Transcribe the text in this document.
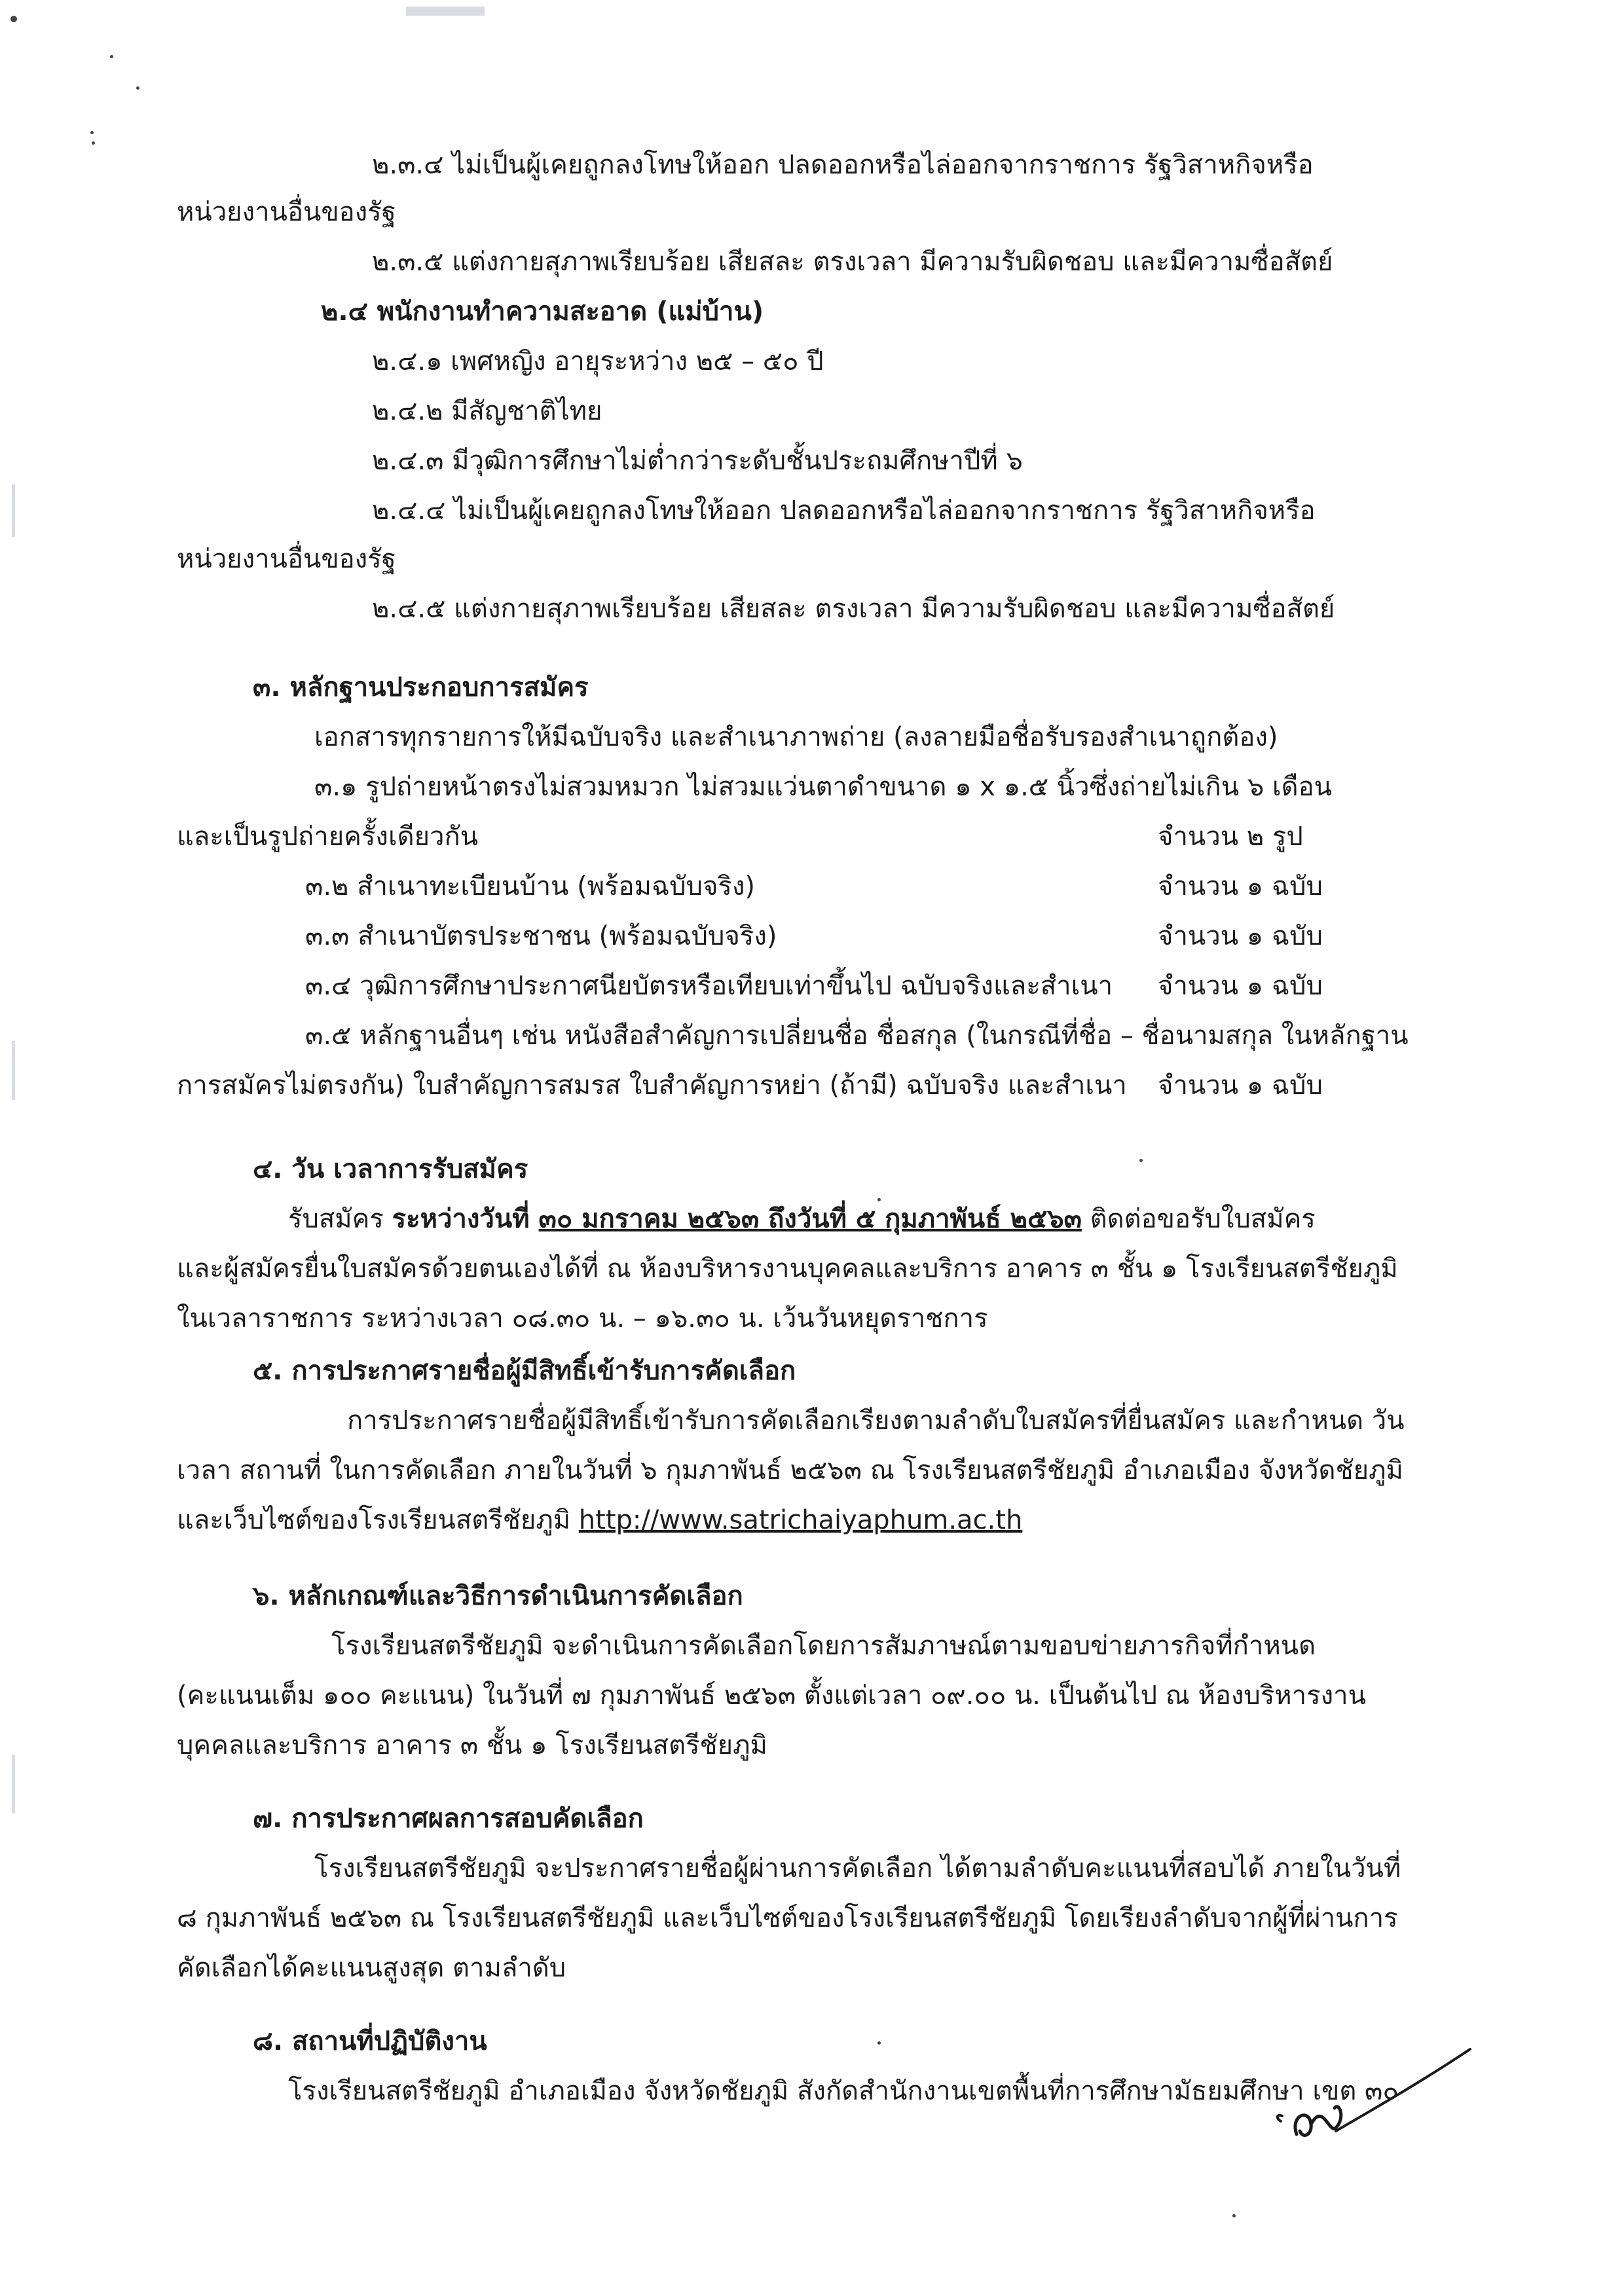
๒.๓.๔ ไม่เป็นผู้เคยถูกลงโทษให้ออก ปลดออกหรือไล่ออกจากราชการ รัฐวิสาหกิจหรือ
หน่วยงานอื่นของรัฐ
๒.๓.๕ แต่งกายสุภาพเรียบร้อย เสียสละ ตรงเวลา มีความรับผิดชอบ และมีความซื่อสัตย์
๒.๔ พนักงานทำความสะอาด (แม่บ้าน)
๒.๔.๑ เพศหญิง อายุระหว่าง ๒๕ – ๕๐ ปี
๒.๔.๒ มีสัญชาติไทย
๒.๔.๓ มีวุฒิการศึกษาไม่ต่ำกว่าระดับชั้นประถมศึกษาปีที่ ๖
๒.๔.๔ ไม่เป็นผู้เคยถูกลงโทษให้ออก ปลดออกหรือไล่ออกจากราชการ รัฐวิสาหกิจหรือ
หน่วยงานอื่นของรัฐ
๒.๔.๕ แต่งกายสุภาพเรียบร้อย เสียสละ ตรงเวลา มีความรับผิดชอบ และมีความซื่อสัตย์
๓. หลักฐานประกอบการสมัคร
เอกสารทุกรายการให้มีฉบับจริง และสำเนาภาพถ่าย (ลงลายมือชื่อรับรองสำเนาถูกต้อง)
๓.๑ รูปถ่ายหน้าตรงไม่สวมหมวก ไม่สวมแว่นตาดำขนาด ๑ x ๑.๕ นิ้วซึ่งถ่ายไม่เกิน ๖ เดือน
และเป็นรูปถ่ายครั้งเดียวกัน	จำนวน ๒ รูป
๓.๒ สำเนาทะเบียนบ้าน (พร้อมฉบับจริง)	จำนวน ๑ ฉบับ
๓.๓ สำเนาบัตรประชาชน (พร้อมฉบับจริง)	จำนวน ๑ ฉบับ
๓.๔ วุฒิการศึกษาประกาศนียบัตรหรือเทียบเท่าขึ้นไป ฉบับจริงและสำเนา จำนวน ๑ ฉบับ
๓.๕ หลักฐานอื่นๆ เช่น หนังสือสำคัญการเปลี่ยนชื่อ ชื่อสกุล (ในกรณีที่ชื่อ – ชื่อนามสกุล ในหลักฐาน
การสมัครไม่ตรงกัน) ใบสำคัญการสมรส ใบสำคัญการหย่า (ถ้ามี) ฉบับจริง และสำเนา จำนวน ๑ ฉบับ
๔. วัน เวลาการรับสมัคร
รับสมัคร ระหว่างวันที่ ๓๐ มกราคม ๒๕๖๓ ถึงวันที่ ๕ กุมภาพันธ์ ๒๕๖๓ ติดต่อขอรับใบสมัคร
และผู้สมัครยื่นใบสมัครด้วยตนเองได้ที่ ณ ห้องบริหารงานบุคคลและบริการ อาคาร ๓ ชั้น ๑ โรงเรียนสตรีชัยภูมิ
ในเวลาราชการ ระหว่างเวลา ๐๘.๓๐ น. – ๑๖.๓๐ น. เว้นวันหยุดราชการ
๕. การประกาศรายชื่อผู้มีสิทธิ์เข้ารับการคัดเลือก
การประกาศรายชื่อผู้มีสิทธิ์เข้ารับการคัดเลือกเรียงตามลำดับใบสมัครที่ยื่นสมัคร และกำหนด วัน
เวลา สถานที่ ในการคัดเลือก ภายในวันที่ ๖ กุมภาพันธ์ ๒๕๖๓ ณ โรงเรียนสตรีชัยภูมิ อำเภอเมือง จังหวัดชัยภูมิ
และเว็บไซต์ของโรงเรียนสตรีชัยภูมิ http://www.satrichaiyaphum.ac.th
๖. หลักเกณฑ์และวิธีการดำเนินการคัดเลือก
โรงเรียนสตรีชัยภูมิ จะดำเนินการคัดเลือกโดยการสัมภาษณ์ตามขอบข่ายภารกิจที่กำหนด
(คะแนนเต็ม ๑๐๐ คะแนน) ในวันที่ ๗ กุมภาพันธ์ ๒๕๖๓ ตั้งแต่เวลา ๐๙.๐๐ น. เป็นต้นไป ณ ห้องบริหารงาน
บุคคลและบริการ อาคาร ๓ ชั้น ๑ โรงเรียนสตรีชัยภูมิ
๗. การประกาศผลการสอบคัดเลือก
โรงเรียนสตรีชัยภูมิ จะประกาศรายชื่อผู้ผ่านการคัดเลือก ได้ตามลำดับคะแนนที่สอบได้ ภายในวันที่
๘ กุมภาพันธ์ ๒๕๖๓ ณ โรงเรียนสตรีชัยภูมิ และเว็บไซต์ของโรงเรียนสตรีชัยภูมิ โดยเรียงลำดับจากผู้ที่ผ่านการ
คัดเลือกได้คะแนนสูงสุด ตามลำดับ
๘. สถานที่ปฏิบัติงาน
โรงเรียนสตรีชัยภูมิ อำเภอเมือง จังหวัดชัยภูมิ สังกัดสำนักงานเขตพื้นที่การศึกษามัธยมศึกษา เขต ๓๐
